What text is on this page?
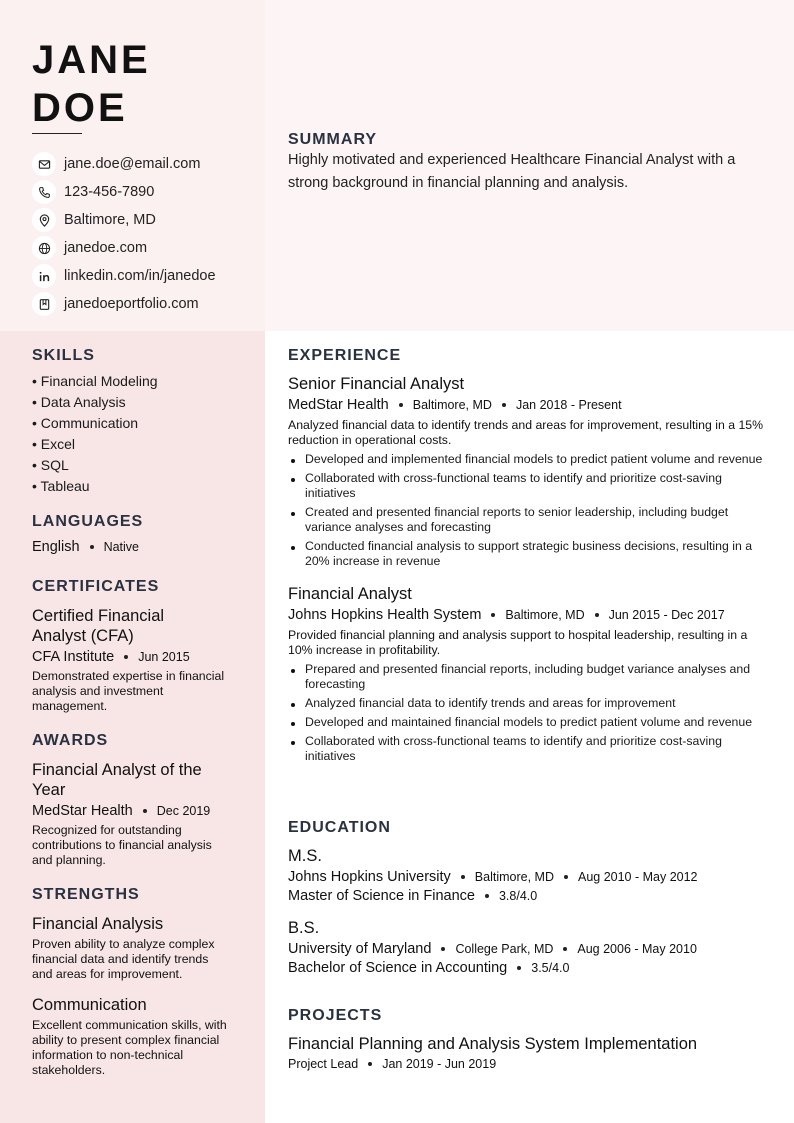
JANE
DOE
jane.doe@email.com
123-456-7890
Baltimore, MD
janedoe.com
linkedin.com/in/janedoe
janedoeportfolio.com
SUMMARY
Highly motivated and experienced Healthcare Financial Analyst with a strong background in financial planning and analysis.
SKILLS
• Financial Modeling
• Data Analysis
• Communication
• Excel
• SQL
• Tableau
LANGUAGES
English Native
CERTIFICATES
Certified Financial Analyst (CFA)
CFA Institute Jun 2015
Demonstrated expertise in financial analysis and investment management.
AWARDS
Financial Analyst of the Year
MedStar Health Dec 2019
Recognized for outstanding contributions to financial analysis and planning.
STRENGTHS
Financial Analysis
Proven ability to analyze complex financial data and identify trends and areas for improvement.
Communication
Excellent communication skills, with ability to present complex financial information to non-technical stakeholders.
EXPERIENCE
Senior Financial Analyst
MedStar Health Baltimore, MD Jan 2018 - Present
Analyzed financial data to identify trends and areas for improvement, resulting in a 15% reduction in operational costs.
Developed and implemented financial models to predict patient volume and revenue
Collaborated with cross-functional teams to identify and prioritize cost-saving initiatives
Created and presented financial reports to senior leadership, including budget variance analyses and forecasting
Conducted financial analysis to support strategic business decisions, resulting in a 20% increase in revenue
Financial Analyst
Johns Hopkins Health System Baltimore, MD Jun 2015 - Dec 2017
Provided financial planning and analysis support to hospital leadership, resulting in a 10% increase in profitability.
Prepared and presented financial reports, including budget variance analyses and forecasting
Analyzed financial data to identify trends and areas for improvement
Developed and maintained financial models to predict patient volume and revenue
Collaborated with cross-functional teams to identify and prioritize cost-saving initiatives
EDUCATION
M.S.
Johns Hopkins University Baltimore, MD Aug 2010 - May 2012
Master of Science in Finance 3.8/4.0
B.S.
University of Maryland College Park, MD Aug 2006 - May 2010
Bachelor of Science in Accounting 3.5/4.0
PROJECTS
Financial Planning and Analysis System Implementation
Project Lead Jan 2019 - Jun 2019
